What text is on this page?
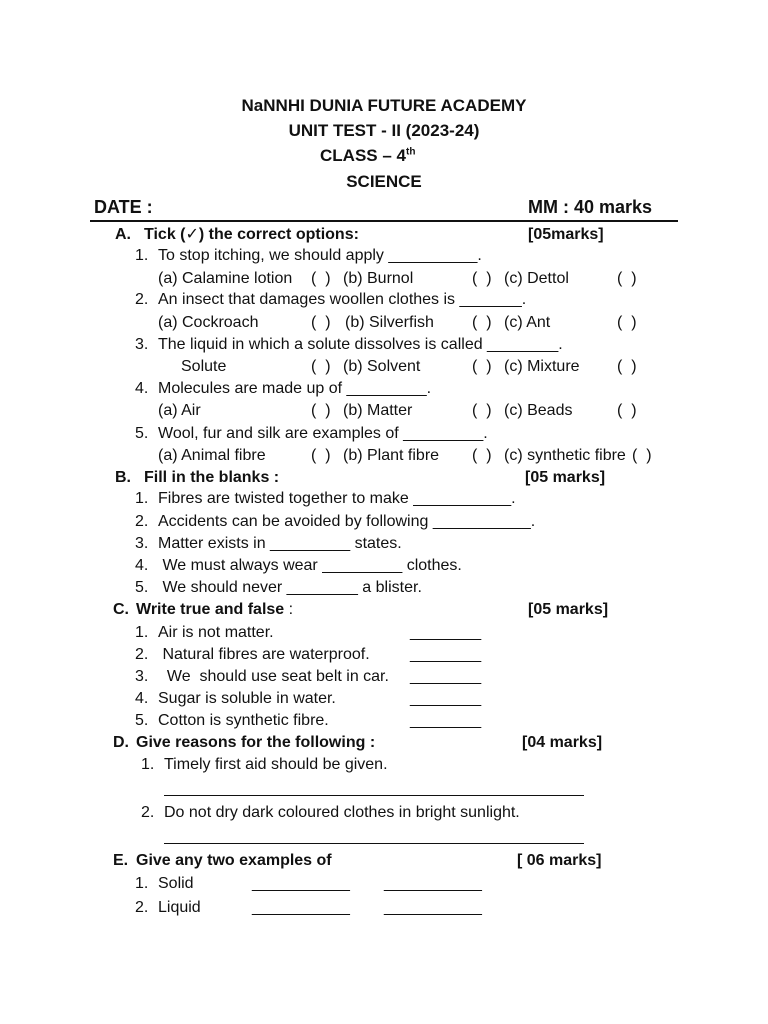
NaNNHI DUNIA FUTURE ACADEMY
UNIT TEST - II (2023-24)
CLASS – 4th
SCIENCE
DATE :	MM : 40 marks
A. Tick (✓) the correct options:	[05marks]
1. To stop itching, we should apply __________.
(a) Calamine lotion (  ) (b) Burnol	(  ) (c) Dettol	(  )
2. An insect that damages woollen clothes is _______.
(a) Cockroach	(  ) (b) Silverfish (  ) (c) Ant	(  )
3. The liquid in which a solute dissolves is called ________.
Solute	(  ) (b) Solvent	(  ) (c) Mixture (  )
4. Molecules are made up of _________.
(a) Air	(  ) (b) Matter	(  ) (c) Beads	(  )
5. Wool, fur and silk are examples of _________.
(a) Animal fibre	(  ) (b) Plant fibre (  ) (c) synthetic fibre (  )
B. Fill in the blanks :	[05 marks]
1. Fibres are twisted together to make ___________.
2. Accidents can be avoided by following ___________.
3. Matter exists in _________ states.
4. We must always wear _________ clothes.
5. We should never ________ a blister.
C. Write true and false :	[05 marks]
1. Air is not matter.	________
2. Natural fibres are waterproof.	________
3. We  should use seat belt in car. ________
4. Sugar is soluble in water.	________
5. Cotton is synthetic fibre.	________
D. Give reasons for the following :	[04 marks]
1. Timely first aid should be given.
2. Do not dry dark coloured clothes in bright sunlight.
E. Give any two examples of	[ 06 marks]
1. Solid	___________ ___________
2. Liquid	___________ ___________
